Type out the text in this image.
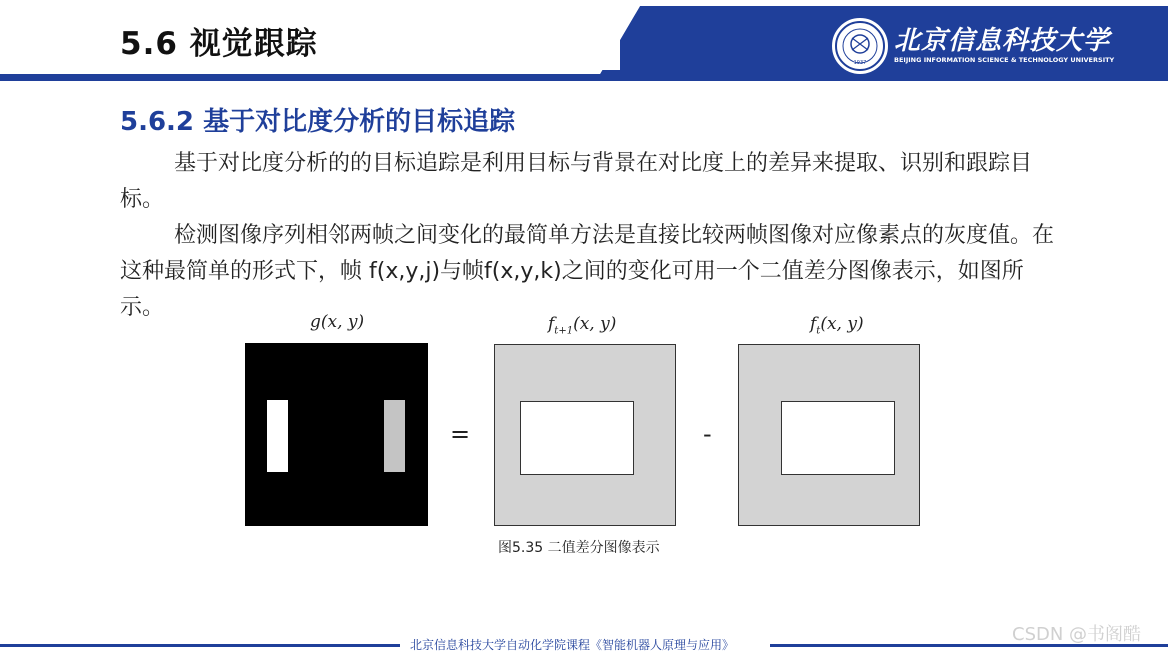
5.6 视觉跟踪
1937
北京信息科技大学
BEIJING INFORMATION SCIENCE & TECHNOLOGY UNIVERSITY
5.6.2 基于对比度分析的目标追踪
基于对比度分析的的目标追踪是利用目标与背景在对比度上的差异来提取、识别和跟踪目标。
检测图像序列相邻两帧之间变化的最简单方法是直接比较两帧图像对应像素点的灰度值。在这种最简单的形式下，帧 f(x,y,j)与帧f(x,y,k)之间的变化可用一个二值差分图像表示，如图所示。
g(x, y)	$f_{t+1}(x$, y)	$f_t(x$, y)
=	-
图5.35 二值差分图像表示
北京信息科技大学自动化学院课程《智能机器人原理与应用》	CSDN @书阁酷
